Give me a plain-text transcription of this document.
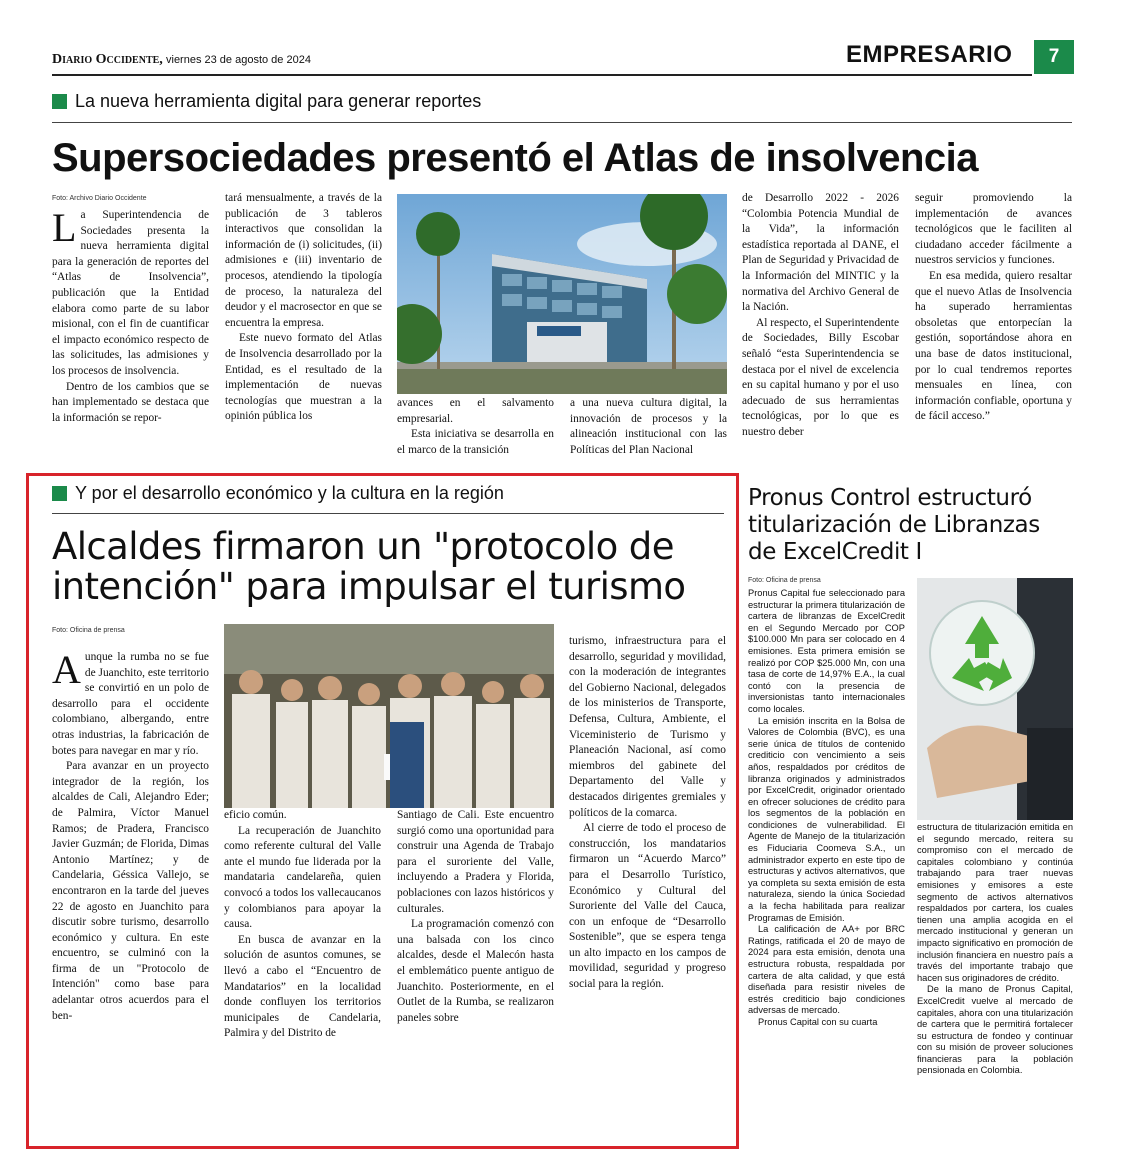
Diario Occidente, viernes 23 de agosto de 2024	EMPRESARIO	7
La nueva herramienta digital para generar reportes
Supersociedades presentó el Atlas de insolvencia
Foto: Archivo Diario Occidente
L a Superintendencia de Sociedades presenta la nueva herramienta digital para la generación de reportes del “Atlas de Insolvencia”, publicación que la Entidad elabora como parte de su labor misional, con el fin de cuantificar el impacto económico respecto de las solicitudes, las admisiones y los procesos de insolvencia.

Dentro de los cambios que se han implementado se destaca que la información se repor-

tará mensualmente, a través de la publicación de 3 tableros interactivos que consolidan la información de (i) solicitudes, (ii) admisiones e (iii) inventario de procesos, atendiendo la tipología de proceso, la naturaleza del deudor y el macrosector en que se encuentra la empresa.

Este nuevo formato del Atlas de Insolvencia desarrollado por la Entidad, es el resultado de la implementación de nuevas tecnologías que muestran a la opinión pública los

avances en el salvamento empresarial.

Esta iniciativa se desarrolla en el marco de la transición

a una nueva cultura digital, la innovación de procesos y la alineación institucional con las Políticas del Plan Nacional

de Desarrollo 2022 - 2026 “Colombia Potencia Mundial de la Vida”, la información estadística reportada al DANE, el Plan de Seguridad y Privacidad de la Información del MINTIC y la normativa del Archivo General de la Nación.

Al respecto, el Superintendente de Sociedades, Billy Escobar señaló “esta Superintendencia se destaca por el nivel de excelencia en su capital humano y por el uso adecuado de sus herramientas tecnológicas, por lo que es nuestro deber

seguir promoviendo la implementación de avances tecnológicos que le faciliten al ciudadano acceder fácilmente a nuestros servicios y funciones.

En esa medida, quiero resaltar que el nuevo Atlas de Insolvencia ha superado herramientas obsoletas que entorpecían la gestión, soportándose ahora en una base de datos institucional, por lo cual tendremos reportes mensuales en línea, con información confiable, oportuna y de fácil acceso.”

Y por el desarrollo económico y la cultura en la región
Alcaldes firmaron un "protocolo de
intención" para impulsar el turismo
Foto: Oficina de prensa
A unque la rumba no se fue de Juanchito, este territorio se convirtió en un polo de desarrollo para el occidente colombiano, albergando, entre otras industrias, la fabricación de botes para navegar en mar y río.

Para avanzar en un proyecto integrador de la región, los alcaldes de Cali, Alejandro Eder; de Palmira, Víctor Manuel Ramos; de Pradera, Francisco Javier Guzmán; de Florida, Dimas Antonio Martínez; y de Candelaria, Géssica Vallejo, se encontraron en la tarde del jueves 22 de agosto en Juanchito para discutir sobre turismo, desarrollo económico y cultura. En este encuentro, se culminó con la firma de un "Protocolo de Intención" como base para adelantar otros acuerdos para el ben-

eficio común.

La recuperación de Juanchito como referente cultural del Valle ante el mundo fue liderada por la mandataria candelareña, quien convocó a todos los vallecaucanos y colombianos para apoyar la causa.

En busca de avanzar en la solución de asuntos comunes, se llevó a cabo el “Encuentro de Mandatarios” en la localidad donde confluyen los territorios municipales de Candelaria, Palmira y del Distrito de

Santiago de Cali. Este encuentro surgió como una oportunidad para construir una Agenda de Trabajo para el suroriente del Valle, incluyendo a Pradera y Florida, poblaciones con lazos históricos y culturales.

La programación comenzó con una balsada con los cinco alcaldes, desde el Malecón hasta el emblemático puente antiguo de Juanchito. Posteriormente, en el Outlet de la Rumba, se realizaron paneles sobre

turismo, infraestructura para el desarrollo, seguridad y movilidad, con la moderación de integrantes del Gobierno Nacional, delegados de los ministerios de Transporte, Defensa, Cultura, Ambiente, el Viceministerio de Turismo y Planeación Nacional, así como miembros del gabinete del Departamento del Valle y destacados dirigentes gremiales y políticos de la comarca.

Al cierre de todo el proceso de construcción, los mandatarios firmaron un “Acuerdo Marco” para el Desarrollo Turístico, Económico y Cultural del Suroriente del Valle del Cauca, con un enfoque de “Desarrollo Sostenible”, que se espera tenga un alto impacto en los campos de movilidad, seguridad y progreso social para la región.

Pronus Control estructuró titularización de Libranzas de ExcelCredit I
Foto: Oficina de prensa

Pronus Capital fue seleccionado para estructurar la primera titularización de cartera de libranzas de ExcelCredit en el Segundo Mercado por COP $100.000 Mn para ser colocado en 4 emisiones. Esta primera emisión se realizó por COP $25.000 Mn, con una tasa de corte de 14,97% E.A., la cual contó con la presencia de inversionistas tanto internacionales como locales.

La emisión inscrita en la Bolsa de Valores de Colombia (BVC), es una serie única de títulos de contenido crediticio con vencimiento a seis años, respaldados por créditos de libranza originados y administrados por ExcelCredit, originador orientado en ofrecer soluciones de crédito para los segmentos de la población en condiciones de vulnerabilidad. El Agente de Manejo de la titularización es Fiduciaria Coomeva S.A., un administrador experto en este tipo de estructuras y activos alternativos, que ya completa su sexta emisión de esta naturaleza, siendo la única Sociedad a la fecha habilitada para realizar Programas de Emisión.

La calificación de AA+ por BRC Ratings, ratificada el 20 de mayo de 2024 para esta emisión, denota una estructura robusta, respaldada por cartera de alta calidad, y que está diseñada para resistir niveles de estrés crediticio bajo condiciones adversas de mercado.

Pronus Capital con su cuarta

estructura de titularización emitida en el segundo mercado, reitera su compromiso con el mercado de capitales colombiano y continúa trabajando para traer nuevas emisiones y emisores a este segmento de activos alternativos respaldados por cartera, los cuales tienen una amplia acogida en el mercado institucional y generan un impacto significativo en promoción de inclusión financiera en nuestro país a través del importante trabajo que hacen sus originadores de crédito.

De la mano de Pronus Capital, ExcelCredit vuelve al mercado de capitales, ahora con una titularización de cartera que le permitirá fortalecer su estructura de fondeo y continuar con su misión de proveer soluciones financieras para la población pensionada en Colombia.
